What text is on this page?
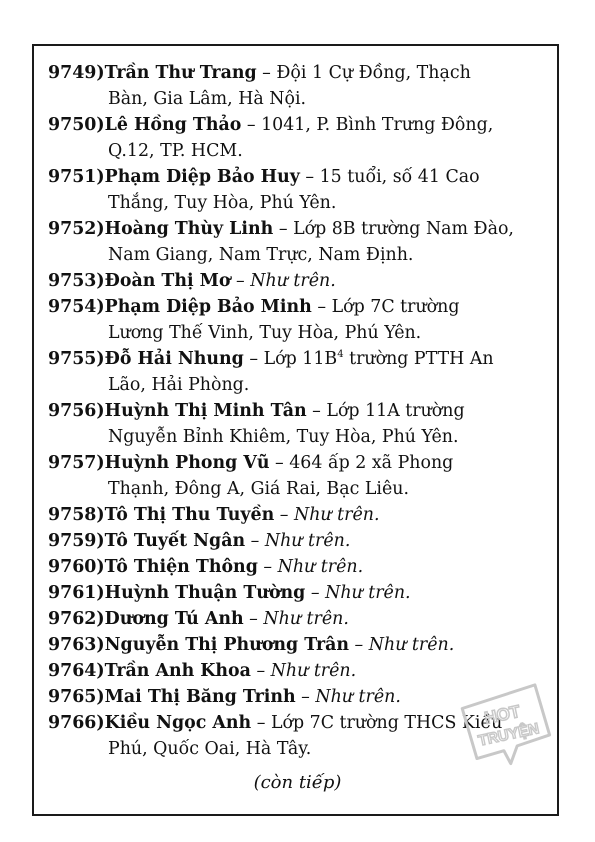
9749)Trần Thư Trang – Đội 1 Cự Đồng, Thạch
Bàn, Gia Lâm, Hà Nội.

9750)Lê Hồng Thảo – 1041, P. Bình Trưng Đông,
Q.12, TP. HCM.

9751)Phạm Diệp Bảo Huy – 15 tuổi, số 41 Cao
Thắng, Tuy Hòa, Phú Yên.

9752)Hoàng Thùy Linh – Lớp 8B trường Nam Đào,
Nam Giang, Nam Trực, Nam Định.

9753)Đoàn Thị Mơ – Như trên.

9754)Phạm Diệp Bảo Minh – Lớp 7C trường
Lương Thế Vinh, Tuy Hòa, Phú Yên.

9755)Đỗ Hải Nhung – Lớp $11B^4$ trường PTTH An
Lão, Hải Phòng.

9756)Huỳnh Thị Minh Tân – Lớp 11A trường
Nguyễn Bỉnh Khiêm, Tuy Hòa, Phú Yên.

9757)Huỳnh Phong Vũ – 464 ấp 2 xã Phong
Thạnh, Đông A, Giá Rai, Bạc Liêu.

9758)Tô Thị Thu Tuyền – Như trên.

9759)Tô Tuyết Ngân – Như trên.

9760)Tô Thiện Thông – Như trên.

9761)Huỳnh Thuận Tường – Như trên.

9762)Dương Tú Anh – Như trên.

9763)Nguyễn Thị Phương Trân – Như trên.

9764)Trần Anh Khoa – Như trên.

9765)Mai Thị Băng Trinh – Như trên.

9766)Kiều Ngọc Anh – Lớp 7C trường THCS Kiều
Phú, Quốc Oai, Hà Tây.

HOT
TRUYỆN
(còn tiếp)
